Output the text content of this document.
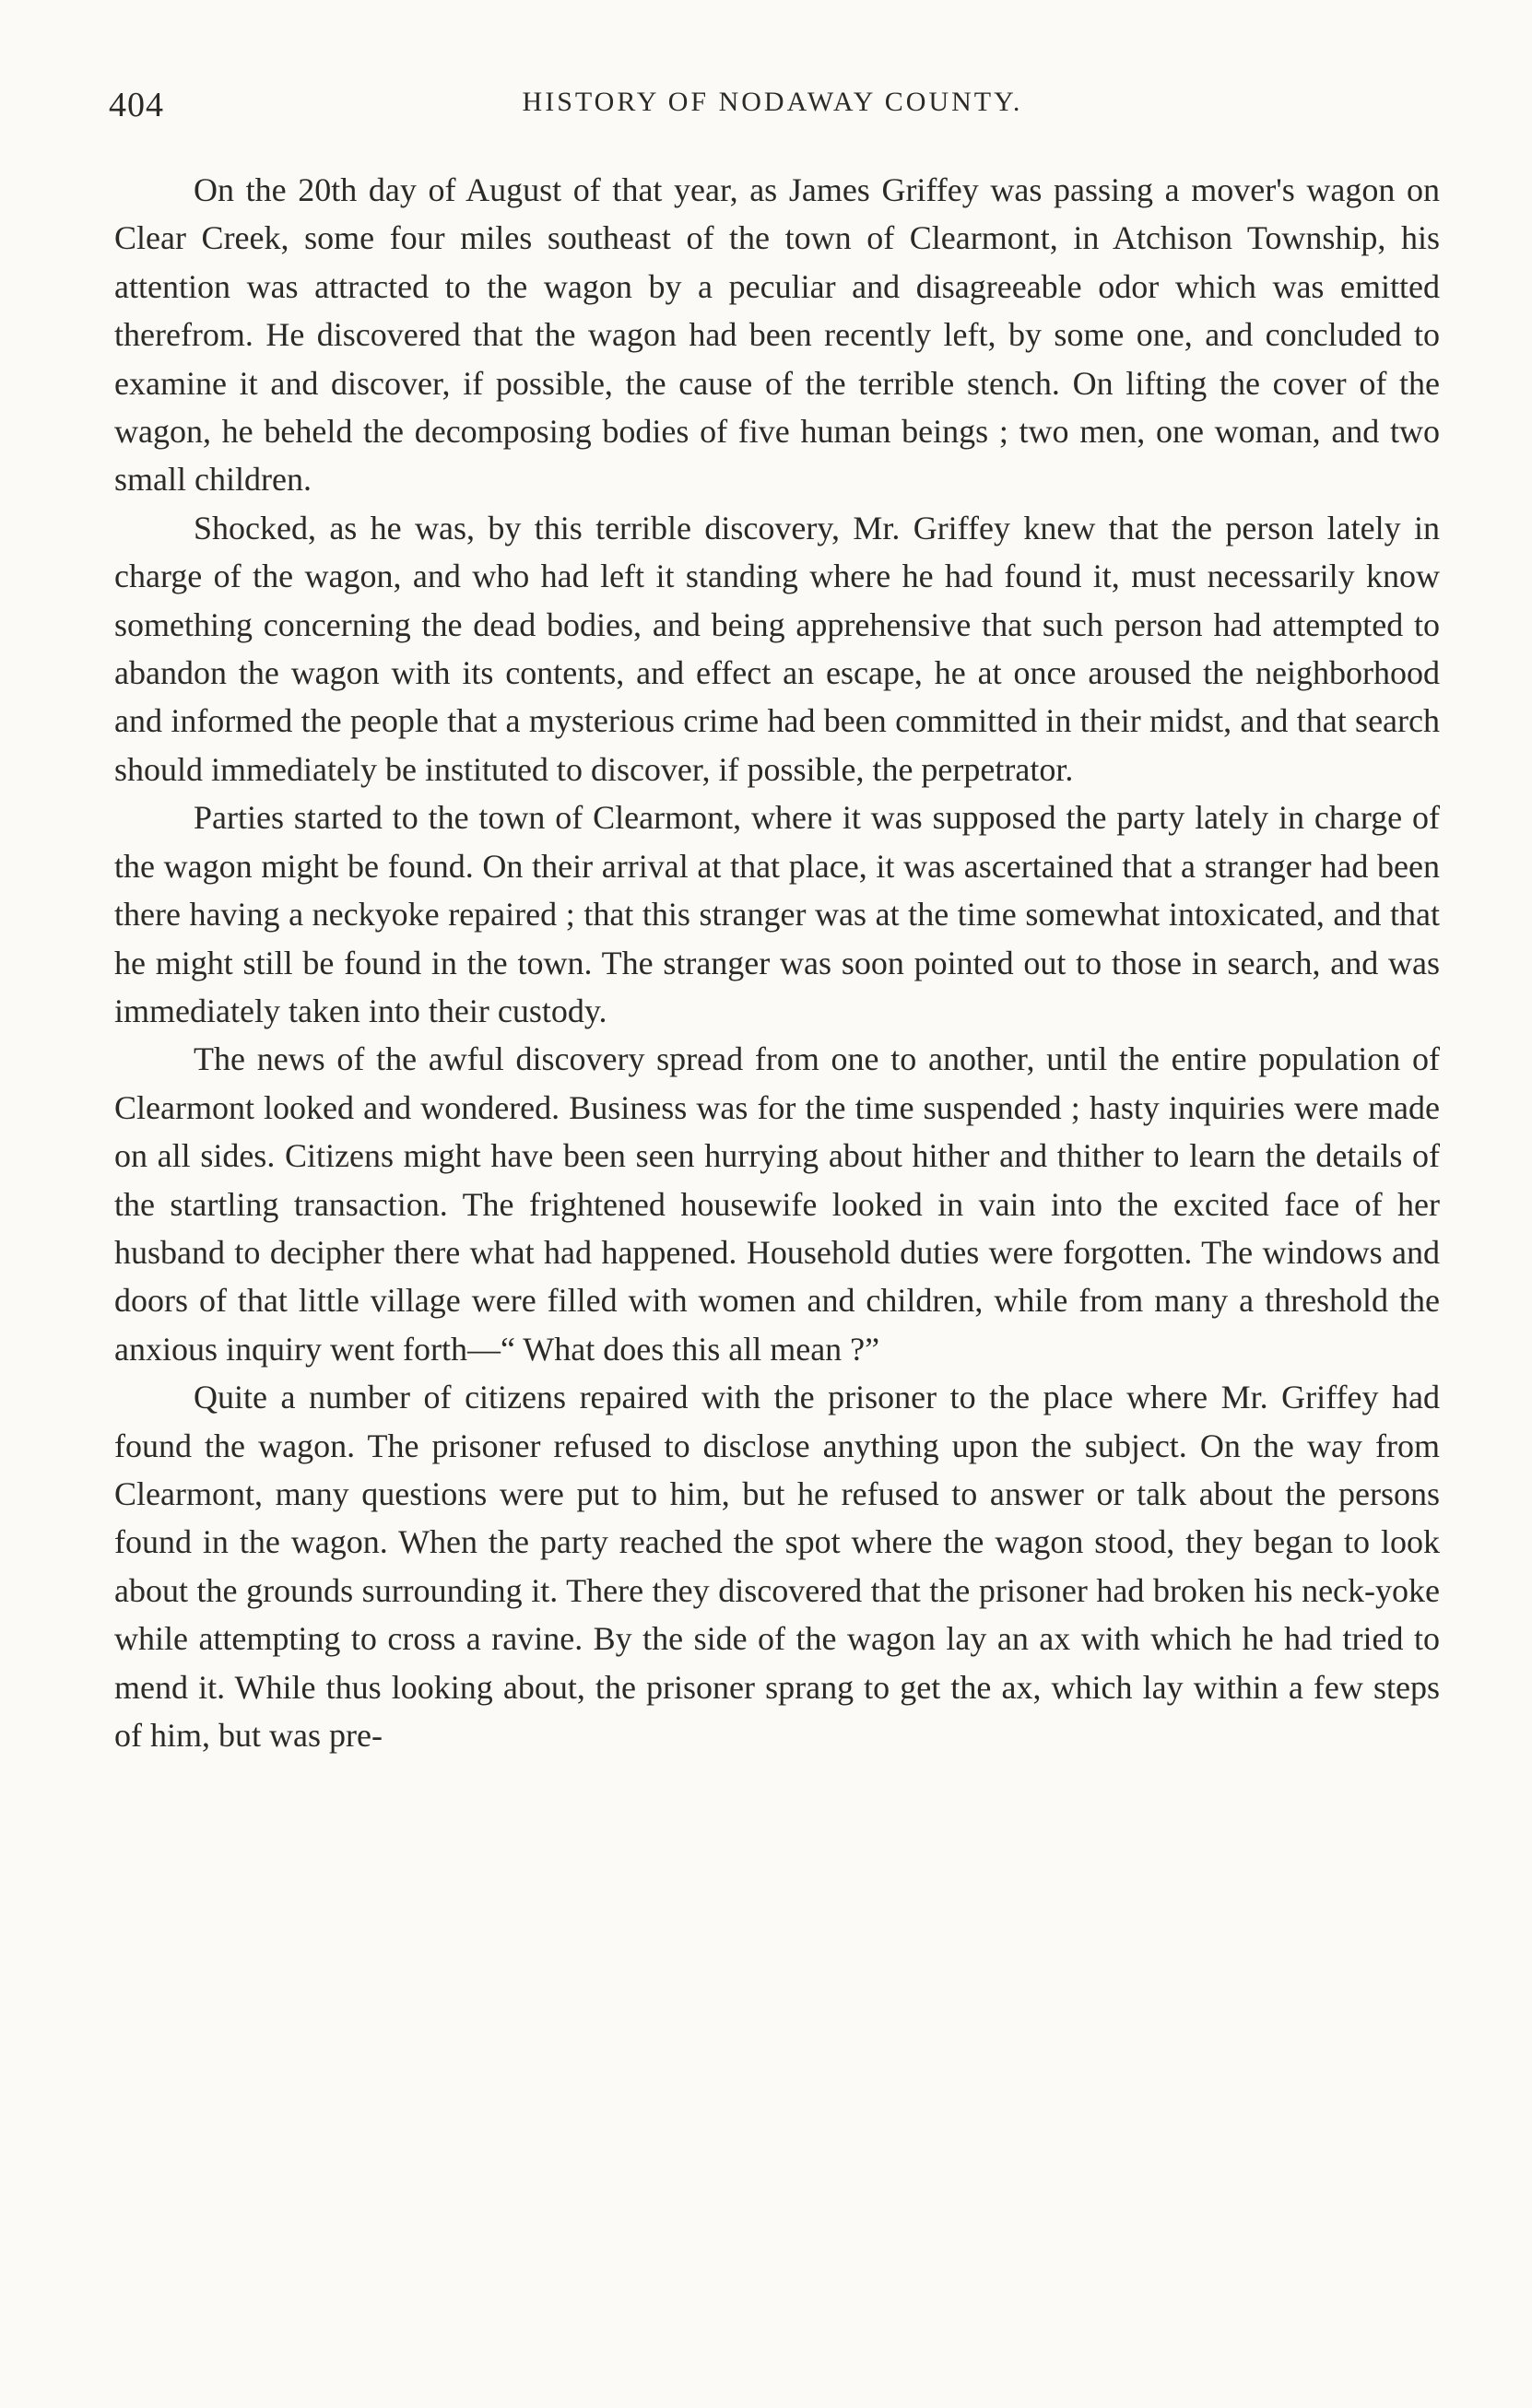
404	HISTORY OF NODAWAY COUNTY.

On the 20th day of August of that year, as James Griffey was passing a mover's wagon on Clear Creek, some four miles southeast of the town of Clearmont, in Atchison Township, his attention was attracted to the wagon by a peculiar and disagreeable odor which was emitted therefrom. He discovered that the wagon had been recently left, by some one, and concluded to examine it and discover, if possible, the cause of the terrible stench. On lifting the cover of the wagon, he beheld the decomposing bodies of five human beings ; two men, one woman, and two small children.

Shocked, as he was, by this terrible discovery, Mr. Griffey knew that the person lately in charge of the wagon, and who had left it standing where he had found it, must necessarily know something concerning the dead bodies, and being apprehensive that such person had attempted to abandon the wagon with its contents, and effect an escape, he at once aroused the neighborhood and informed the people that a mysterious crime had been committed in their midst, and that search should immediately be instituted to discover, if possible, the perpetrator.

Parties started to the town of Clearmont, where it was supposed the party lately in charge of the wagon might be found. On their arrival at that place, it was ascertained that a stranger had been there having a neckyoke repaired ; that this stranger was at the time somewhat intoxicated, and that he might still be found in the town. The stranger was soon pointed out to those in search, and was immediately taken into their custody.

The news of the awful discovery spread from one to another, until the entire population of Clearmont looked and wondered. Business was for the time suspended ; hasty inquiries were made on all sides. Citizens might have been seen hurrying about hither and thither to learn the details of the startling transaction. The frightened housewife looked in vain into the excited face of her husband to decipher there what had happened. Household duties were forgotten. The windows and doors of that little village were filled with women and children, while from many a threshold the anxious inquiry went forth—“ What does this all mean ?”

Quite a number of citizens repaired with the prisoner to the place where Mr. Griffey had found the wagon. The prisoner refused to disclose anything upon the subject. On the way from Clearmont, many questions were put to him, but he refused to answer or talk about the persons found in the wagon. When the party reached the spot where the wagon stood, they began to look about the grounds surrounding it. There they discovered that the prisoner had broken his neck-yoke while attempting to cross a ravine. By the side of the wagon lay an ax with which he had tried to mend it. While thus looking about, the prisoner sprang to get the ax, which lay within a few steps of him, but was pre-
